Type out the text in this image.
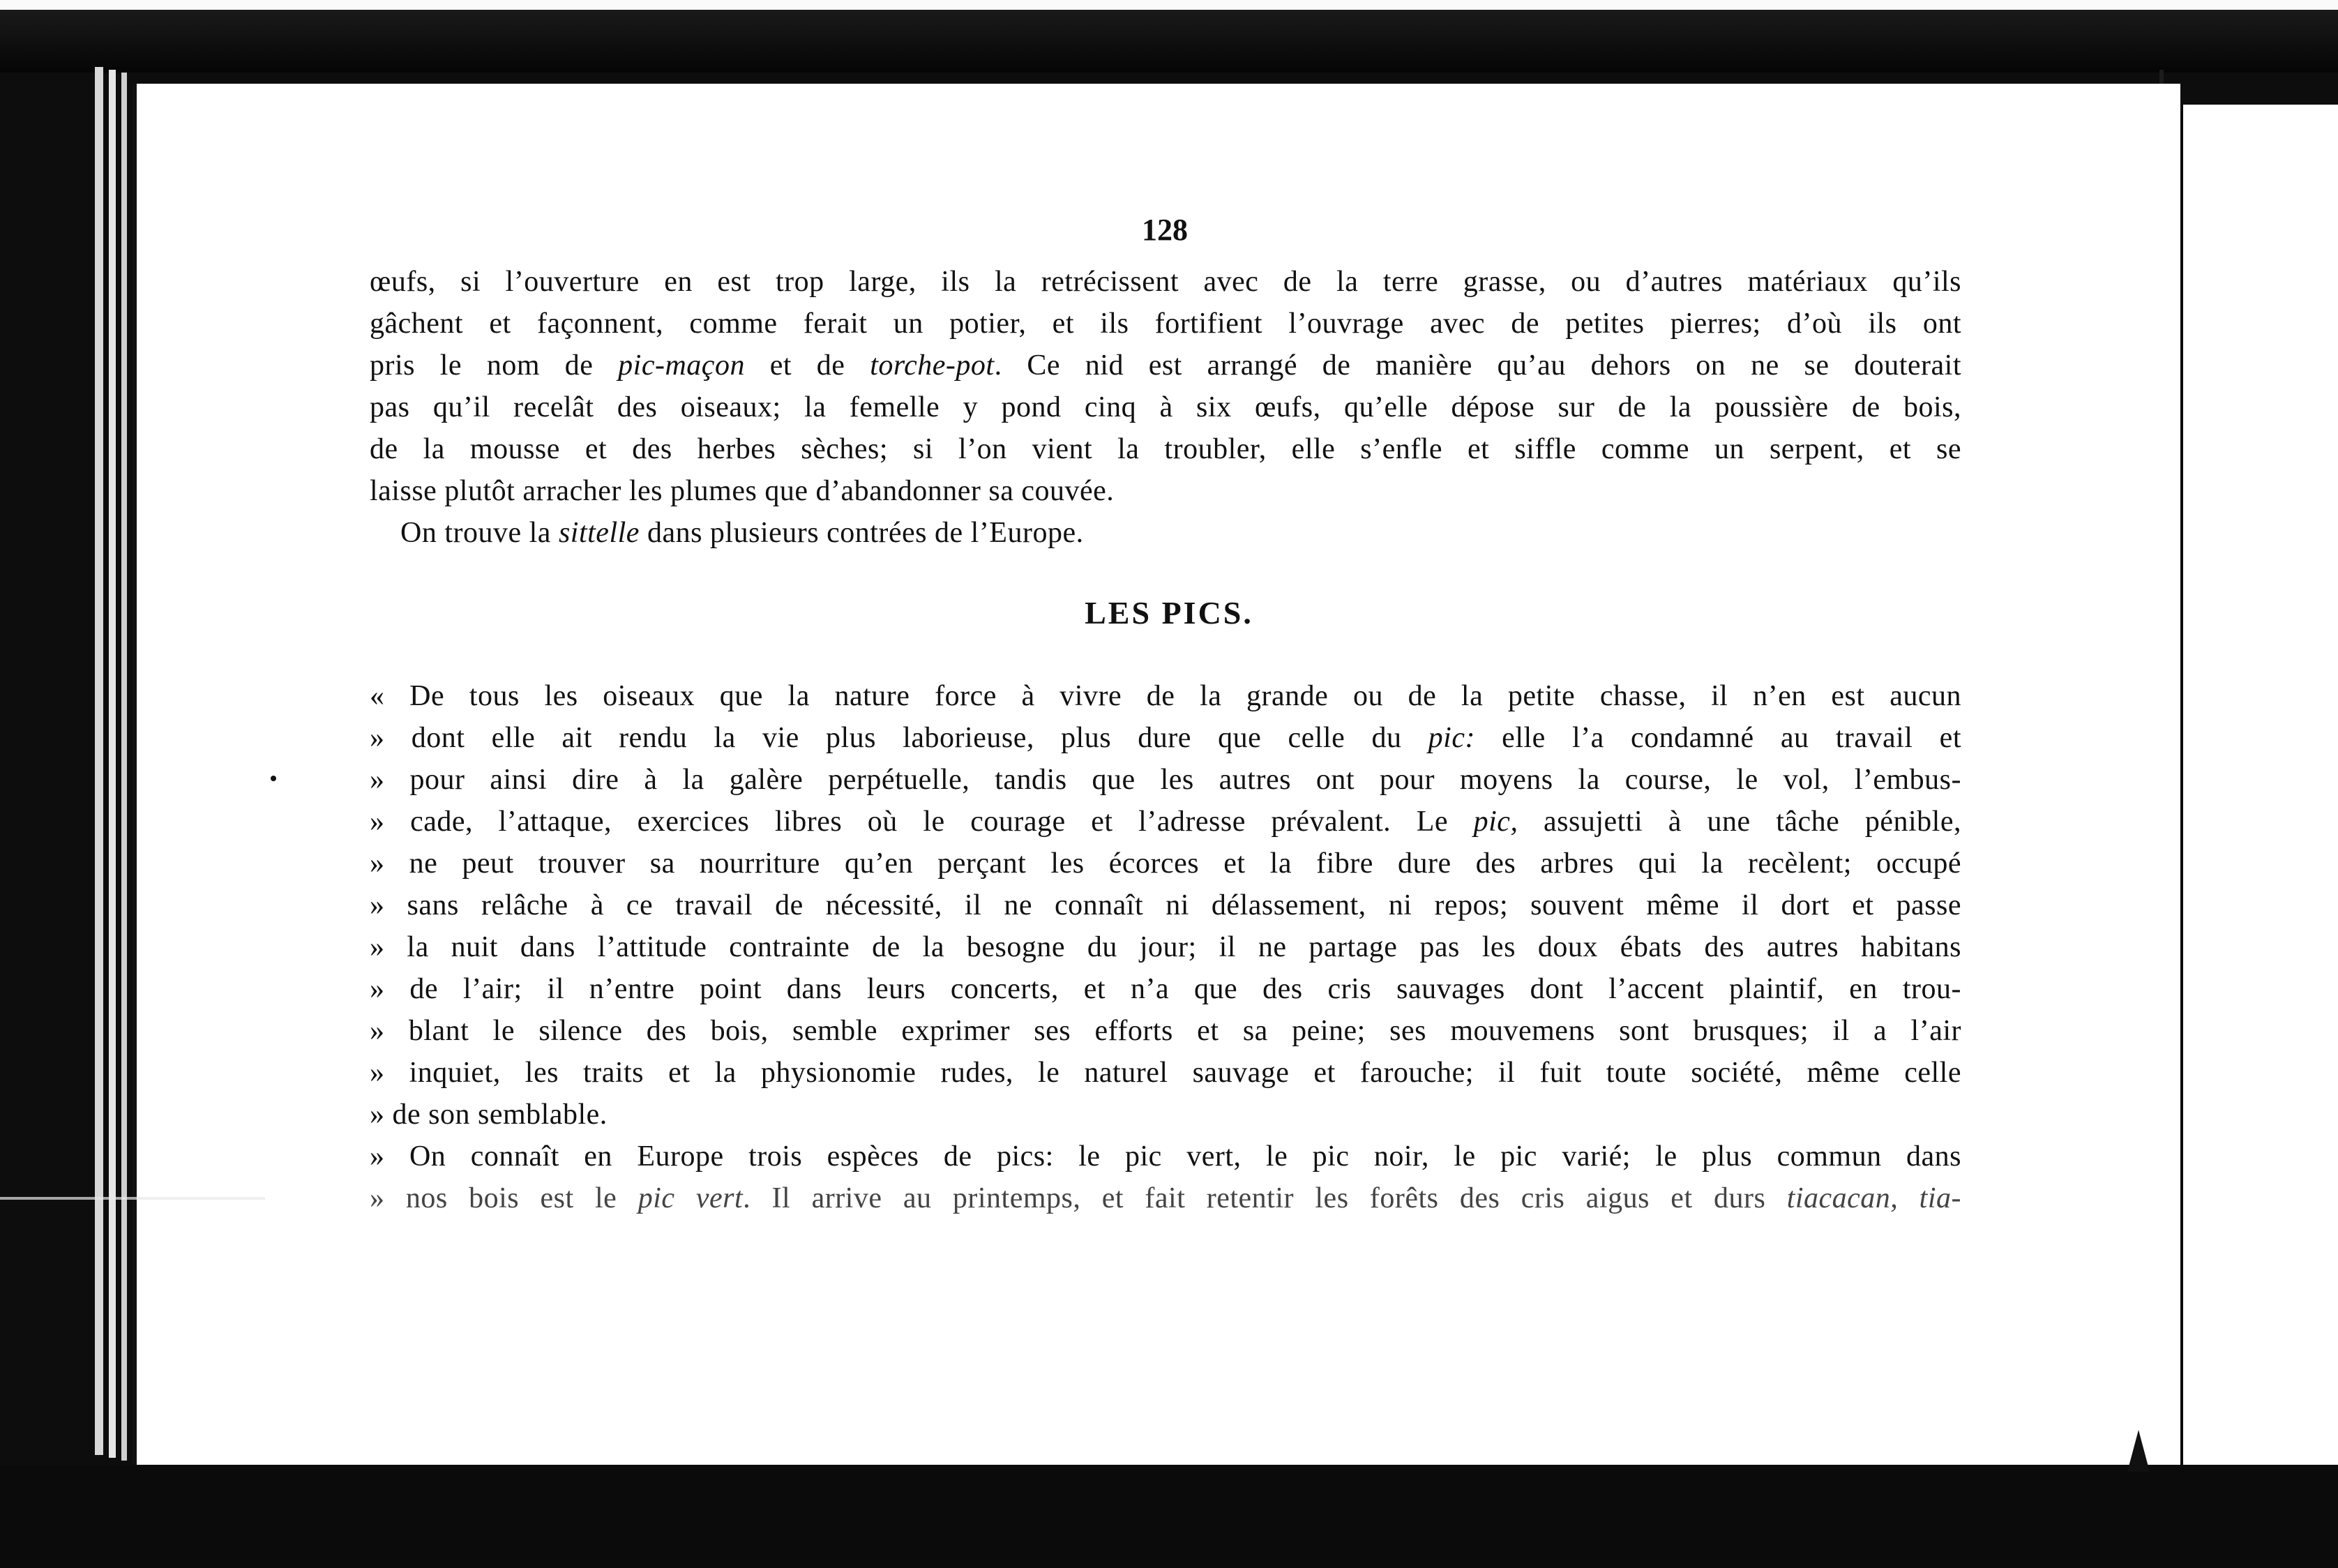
128
œufs, si l’ouverture en est trop large, ils la retrécissent avec de la terre grasse, ou d’autres matériaux qu’ils
gâchent et façonnent, comme ferait un potier, et ils fortifient l’ouvrage avec de petites pierres; d’où ils ont
pris le nom de pic-maçon et de torche-pot. Ce nid est arrangé de manière qu’au dehors on ne se douterait
pas qu’il recelât des oiseaux; la femelle y pond cinq à six œufs, qu’elle dépose sur de la poussière de bois,
de la mousse et des herbes sèches; si l’on vient la troubler, elle s’enfle et siffle comme un serpent, et se
laisse plutôt arracher les plumes que d’abandonner sa couvée.
On trouve la sittelle dans plusieurs contrées de l’Europe.
LES PICS.
« De tous les oiseaux que la nature force à vivre de la grande ou de la petite chasse, il n’en est aucun
» dont elle ait rendu la vie plus laborieuse, plus dure que celle du pic: elle l’a condamné au travail et
» pour ainsi dire à la galère perpétuelle, tandis que les autres ont pour moyens la course, le vol, l’embus-
» cade, l’attaque, exercices libres où le courage et l’adresse prévalent. Le pic, assujetti à une tâche pénible,
» ne peut trouver sa nourriture qu’en perçant les écorces et la fibre dure des arbres qui la recèlent; occupé
» sans relâche à ce travail de nécessité, il ne connaît ni délassement, ni repos; souvent même il dort et passe
» la nuit dans l’attitude contrainte de la besogne du jour; il ne partage pas les doux ébats des autres habitans
» de l’air; il n’entre point dans leurs concerts, et n’a que des cris sauvages dont l’accent plaintif, en trou-
» blant le silence des bois, semble exprimer ses efforts et sa peine; ses mouvemens sont brusques; il a l’air
» inquiet, les traits et la physionomie rudes, le naturel sauvage et farouche; il fuit toute société, même celle
» de son semblable.
» On connaît en Europe trois espèces de pics: le pic vert, le pic noir, le pic varié; le plus commun dans
» nos bois est le pic vert. Il arrive au printemps, et fait retentir les forêts des cris aigus et durs tiacacan, tia-
